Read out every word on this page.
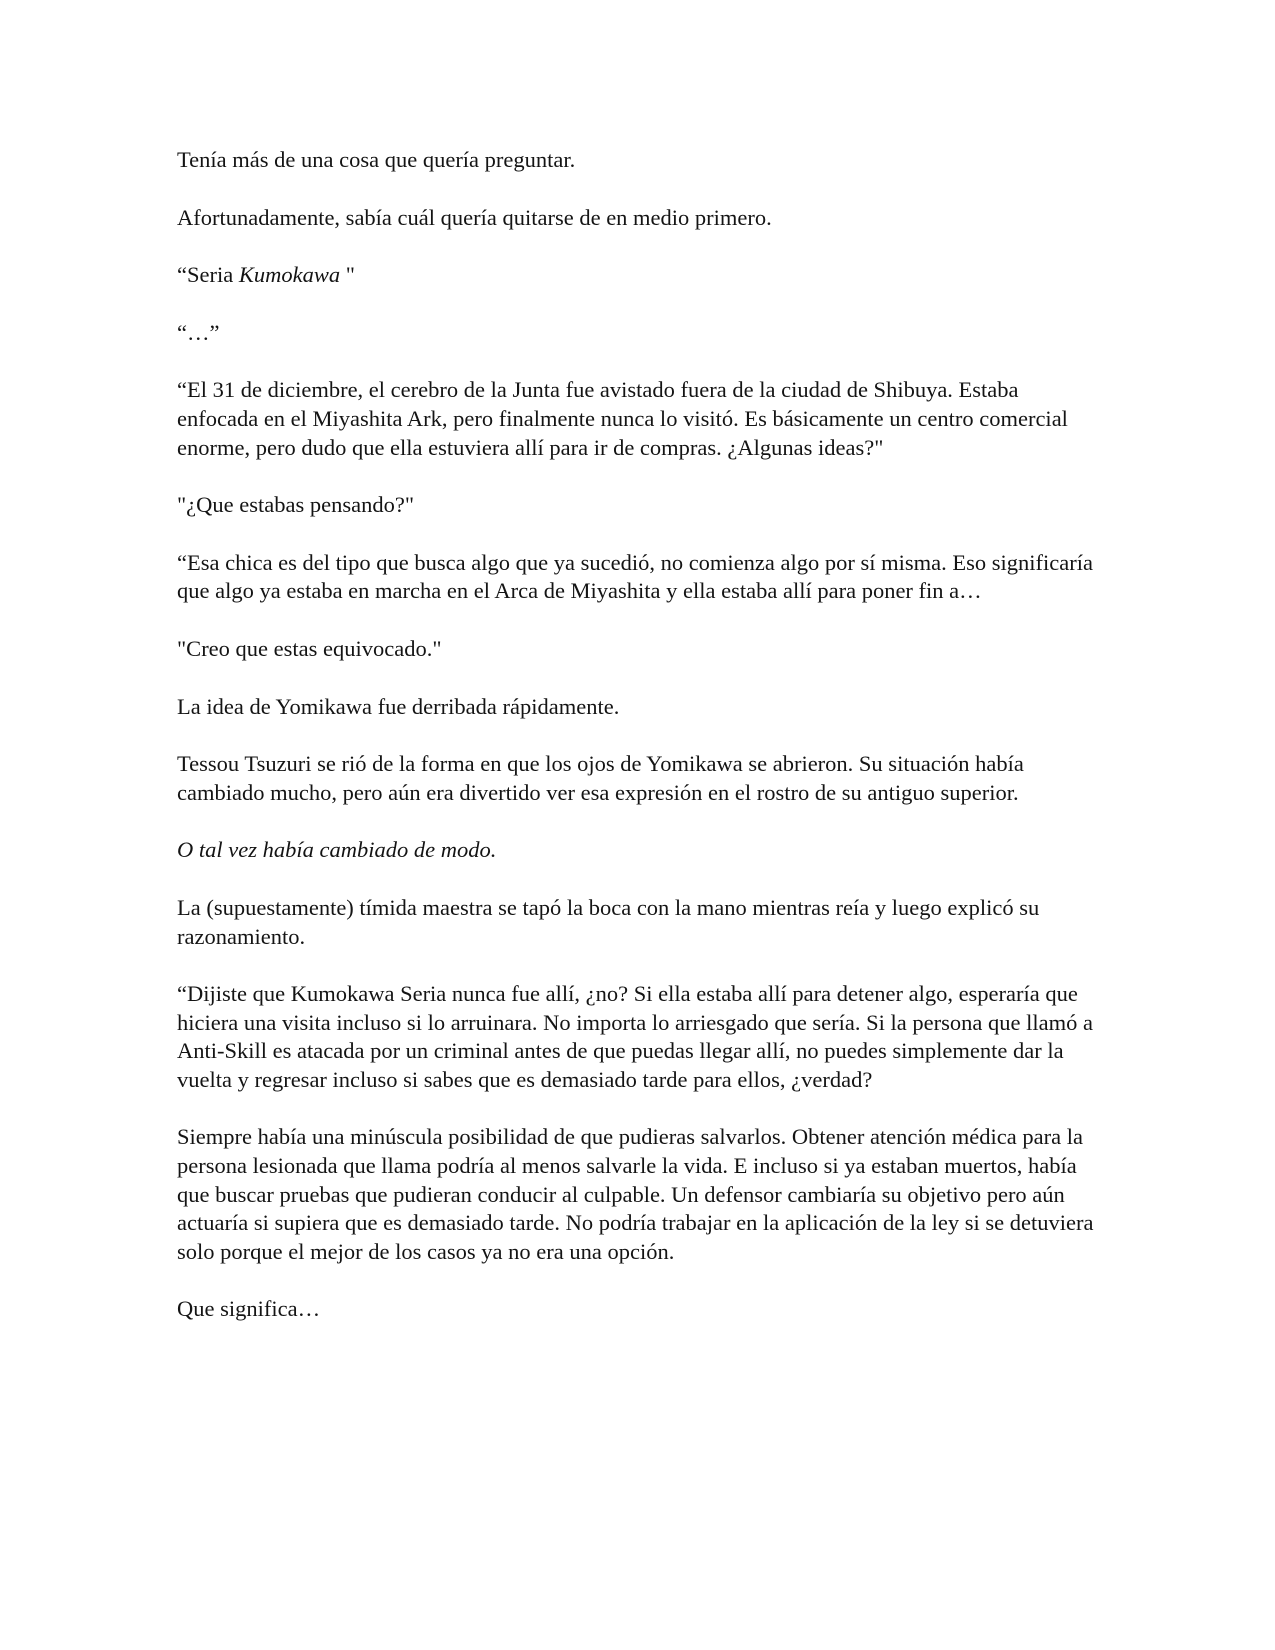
Tenía más de una cosa que quería preguntar.

Afortunadamente, sabía cuál quería quitarse de en medio primero.

“Seria Kumokawa "

“…”

“El 31 de diciembre, el cerebro de la Junta fue avistado fuera de la ciudad de Shibuya. Estaba enfocada en el Miyashita Ark, pero finalmente nunca lo visitó. Es básicamente un centro comercial enorme, pero dudo que ella estuviera allí para ir de compras. ¿Algunas ideas?"

"¿Que estabas pensando?"

“Esa chica es del tipo que busca algo que ya sucedió, no comienza algo por sí misma. Eso significaría que algo ya estaba en marcha en el Arca de Miyashita y ella estaba allí para poner fin a…

"Creo que estas equivocado."

La idea de Yomikawa fue derribada rápidamente.

Tessou Tsuzuri se rió de la forma en que los ojos de Yomikawa se abrieron. Su situación había cambiado mucho, pero aún era divertido ver esa expresión en el rostro de su antiguo superior.

O tal vez había cambiado de modo.

La (supuestamente) tímida maestra se tapó la boca con la mano mientras reía y luego explicó su razonamiento.

“Dijiste que Kumokawa Seria nunca fue allí, ¿no? Si ella estaba allí para detener algo, esperaría que hiciera una visita incluso si lo arruinara. No importa lo arriesgado que sería. Si la persona que llamó a Anti-Skill es atacada por un criminal antes de que puedas llegar allí, no puedes simplemente dar la vuelta y regresar incluso si sabes que es demasiado tarde para ellos, ¿verdad?

Siempre había una minúscula posibilidad de que pudieras salvarlos. Obtener atención médica para la persona lesionada que llama podría al menos salvarle la vida. E incluso si ya estaban muertos, había que buscar pruebas que pudieran conducir al culpable. Un defensor cambiaría su objetivo pero aún actuaría si supiera que es demasiado tarde. No podría trabajar en la aplicación de la ley si se detuviera solo porque el mejor de los casos ya no era una opción.

Que significa…
